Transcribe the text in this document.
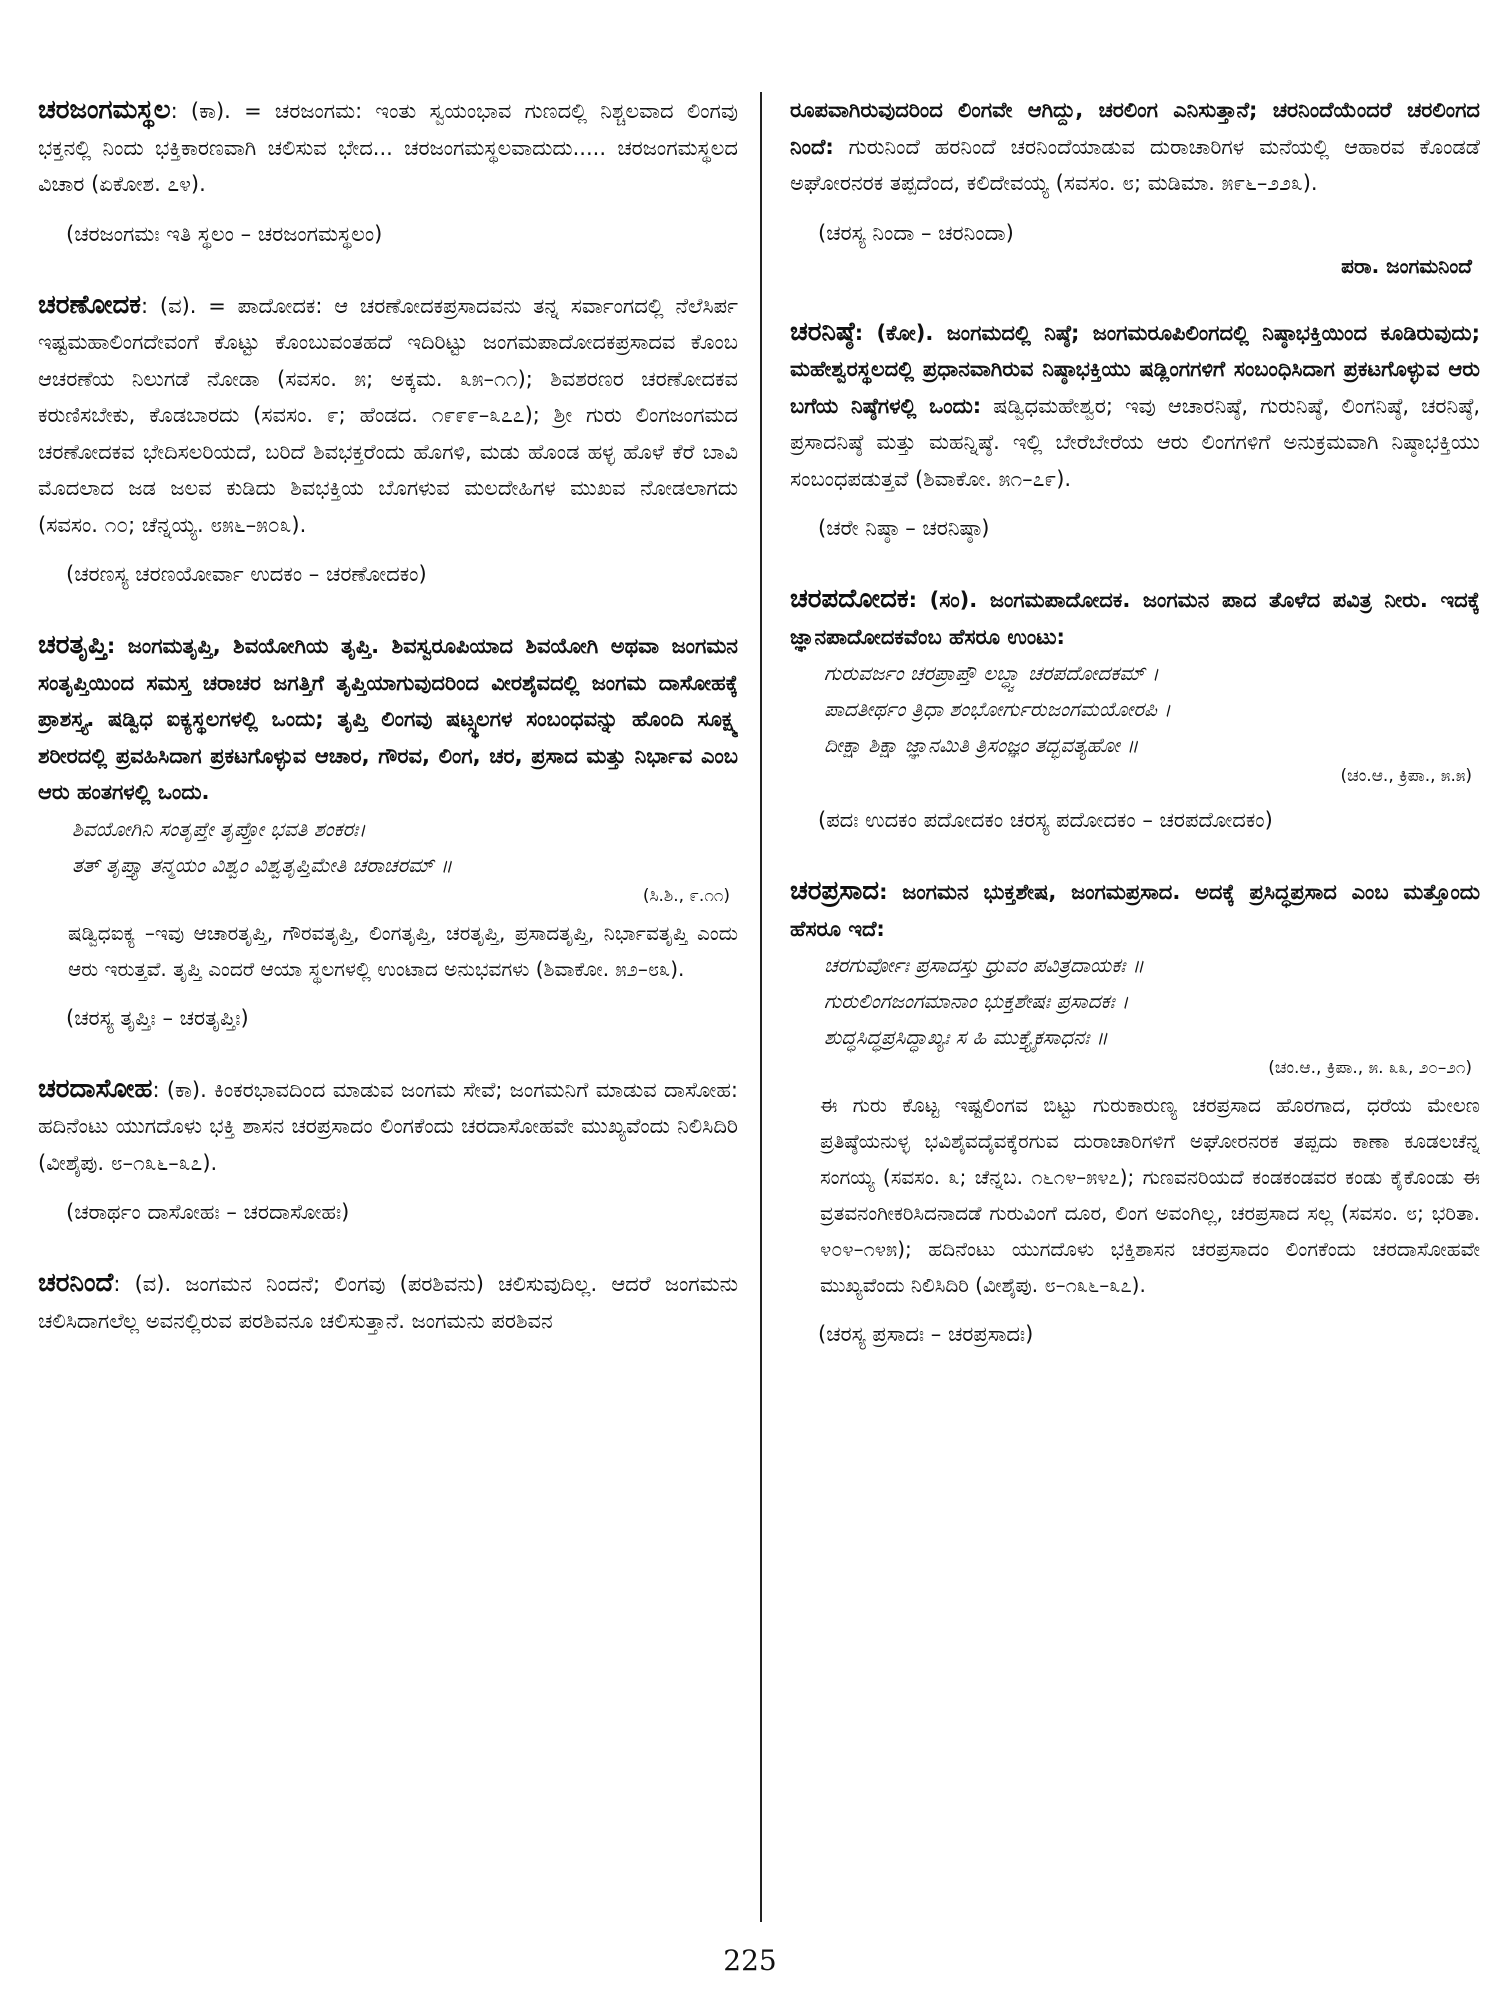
ಚರಜಂಗಮಸ್ಥಲ: (ಕಾ). = ಚರಜಂಗಮ: ಇಂತು ಸ್ವಯಂಭಾವ ಗುಣದಲ್ಲಿ ನಿಶ್ಚಲವಾದ ಲಿಂಗವು ಭಕ್ತನಲ್ಲಿ ನಿಂದು ಭಕ್ತಿಕಾರಣವಾಗಿ ಚಲಿಸುವ ಭೇದ... ಚರಜಂಗಮಸ್ಥಲವಾದುದು..... ಚರಜಂಗಮಸ್ಥಲದ ವಿಚಾರ (ಏಕೋಶ. ೭೪).

(ಚರಜಂಗಮಃ ಇತಿ ಸ್ಥಲಂ – ಚರಜಂಗಮಸ್ಥಲಂ)

ಚರಣೋದಕ: (ವ). = ಪಾದೋದಕ: ಆ ಚರಣೋದಕಪ್ರಸಾದವನು ತನ್ನ ಸರ್ವಾಂಗದಲ್ಲಿ ನೆಲೆಸಿರ್ಪ ಇಷ್ಟಮಹಾಲಿಂಗದೇವಂಗೆ ಕೊಟ್ಟು ಕೊಂಬುವಂತಹದೆ ಇದಿರಿಟ್ಟು ಜಂಗಮಪಾದೋದಕಪ್ರಸಾದವ ಕೊಂಬ ಆಚರಣೆಯ ನಿಲುಗಡೆ ನೋಡಾ (ಸವಸಂ. ೫; ಅಕ್ಕಮ. ೩೫–೧೧); ಶಿವಶರಣರ ಚರಣೋದಕವ ಕರುಣಿಸಬೇಕು, ಕೊಡಬಾರದು (ಸವಸಂ. ೯; ಹೆಂಡದ. ೧೯೯೯–೩೭೭); ಶ್ರೀ ಗುರು ಲಿಂಗಜಂಗಮದ ಚರಣೋದಕವ ಭೇದಿಸಲರಿಯದೆ, ಬರಿದೆ ಶಿವಭಕ್ತರೆಂದು ಹೊಗಳಿ, ಮಡು ಹೊಂಡ ಹಳ್ಳ ಹೊಳೆ ಕೆರೆ ಬಾವಿ ಮೊದಲಾದ ಜಡ ಜಲವ ಕುಡಿದು ಶಿವಭಕ್ತಿಯ ಬೊಗಳುವ ಮಲದೇಹಿಗಳ ಮುಖವ ನೋಡಲಾಗದು (ಸವಸಂ. ೧೦; ಚೆನ್ನಯ್ಯ. ೮೫೬–೫೦೩).

(ಚರಣಸ್ಯ ಚರಣಯೋರ್ವಾ ಉದಕಂ – ಚರಣೋದಕಂ)

ಚರತೃಪ್ತಿ: ಜಂಗಮತೃಪ್ತಿ, ಶಿವಯೋಗಿಯ ತೃಪ್ತಿ. ಶಿವಸ್ವರೂಪಿಯಾದ ಶಿವಯೋಗಿ ಅಥವಾ ಜಂಗಮನ ಸಂತೃಪ್ತಿಯಿಂದ ಸಮಸ್ತ ಚರಾಚರ ಜಗತ್ತಿಗೆ ತೃಪ್ತಿಯಾಗುವುದರಿಂದ ವೀರಶೈವದಲ್ಲಿ ಜಂಗಮ ದಾಸೋಹಕ್ಕೆ ಪ್ರಾಶಸ್ತ್ಯ. ಷಡ್ವಿಧ ಐಕ್ಯಸ್ಥಲಗಳಲ್ಲಿ ಒಂದು; ತೃಪ್ತಿ ಲಿಂಗವು ಷಟ್ಸ್ಥಲಗಳ ಸಂಬಂಧವನ್ನು ಹೊಂದಿ ಸೂಕ್ಷ್ಮ ಶರೀರದಲ್ಲಿ ಪ್ರವಹಿಸಿದಾಗ ಪ್ರಕಟಗೊಳ್ಳುವ ಆಚಾರ, ಗೌರವ, ಲಿಂಗ, ಚರ, ಪ್ರಸಾದ ಮತ್ತು ನಿರ್ಭಾವ ಎಂಬ ಆರು ಹಂತಗಳಲ್ಲಿ ಒಂದು.

ಶಿವಯೋಗಿನಿ ಸಂತೃಪ್ತೇ ತೃಪ್ತೋ ಭವತಿ ಶಂಕರಃ।

ತತ್ ತೃಪ್ತ್ಯಾ ತನ್ಮಯಂ ವಿಶ್ವಂ ವಿಶ್ವತೃಪ್ತಿಮೇತಿ ಚರಾಚರಮ್ ॥

(ಸಿ.ಶಿ., ೯.೧೧)

ಷಡ್ವಿಧಐಕ್ಯ –ಇವು ಆಚಾರತೃಪ್ತಿ, ಗೌರವತೃಪ್ತಿ, ಲಿಂಗತೃಪ್ತಿ, ಚರತೃಪ್ತಿ, ಪ್ರಸಾದತೃಪ್ತಿ, ನಿರ್ಭಾವತೃಪ್ತಿ ಎಂದು ಆರು ಇರುತ್ತವೆ. ತೃಪ್ತಿ ಎಂದರೆ ಆಯಾ ಸ್ಥಲಗಳಲ್ಲಿ ಉಂಟಾದ ಅನುಭವಗಳು (ಶಿವಾಕೋ. ೫೨–೮೩).

(ಚರಸ್ಯ ತೃಪ್ತಿಃ – ಚರತೃಪ್ತಿಃ)

ಚರದಾಸೋಹ: (ಕಾ). ಕಿಂಕರಭಾವದಿಂದ ಮಾಡುವ ಜಂಗಮ ಸೇವೆ; ಜಂಗಮನಿಗೆ ಮಾಡುವ ದಾಸೋಹ: ಹದಿನೆಂಟು ಯುಗದೊಳು ಭಕ್ತಿ ಶಾಸನ ಚರಪ್ರಸಾದಂ ಲಿಂಗಕೆಂದು ಚರದಾಸೋಹವೇ ಮುಖ್ಯವೆಂದು ನಿಲಿಸಿದಿರಿ (ವೀಶೈಪು. ೮–೧೩೬–೩೭).

(ಚರಾರ್ಥಂ ದಾಸೋಹಃ – ಚರದಾಸೋಹಃ)

ಚರನಿಂದೆ: (ವ). ಜಂಗಮನ ನಿಂದನೆ; ಲಿಂಗವು (ಪರಶಿವನು) ಚಲಿಸುವುದಿಲ್ಲ. ಆದರೆ ಜಂಗಮನು ಚಲಿಸಿದಾಗಲೆಲ್ಲ ಅವನಲ್ಲಿರುವ ಪರಶಿವನೂ ಚಲಿಸುತ್ತಾನೆ. ಜಂಗಮನು ಪರಶಿವನ

ರೂಪವಾಗಿರುವುದರಿಂದ ಲಿಂಗವೇ ಆಗಿದ್ದು, ಚರಲಿಂಗ ಎನಿಸುತ್ತಾನೆ; ಚರನಿಂದೆಯೆಂದರೆ ಚರಲಿಂಗದ ನಿಂದೆ: ಗುರುನಿಂದೆ ಹರನಿಂದೆ ಚರನಿಂದೆಯಾಡುವ ದುರಾಚಾರಿಗಳ ಮನೆಯಲ್ಲಿ ಆಹಾರವ ಕೊಂಡಡೆ ಅಘೋರನರಕ ತಪ್ಪದೆಂದ, ಕಲಿದೇವಯ್ಯ (ಸವಸಂ. ೮; ಮಡಿಮಾ. ೫೯೬–೨೨೩).

(ಚರಸ್ಯ ನಿಂದಾ – ಚರನಿಂದಾ)

ಪರಾ. ಜಂಗಮನಿಂದೆ

ಚರನಿಷ್ಠೆ: (ಕೋ). ಜಂಗಮದಲ್ಲಿ ನಿಷ್ಠೆ; ಜಂಗಮರೂಪಿಲಿಂಗದಲ್ಲಿ ನಿಷ್ಠಾಭಕ್ತಿಯಿಂದ ಕೂಡಿರುವುದು; ಮಹೇಶ್ವರಸ್ಥಲದಲ್ಲಿ ಪ್ರಧಾನವಾಗಿರುವ ನಿಷ್ಠಾಭಕ್ತಿಯು ಷಡ್ಲಿಂಗಗಳಿಗೆ ಸಂಬಂಧಿಸಿದಾಗ ಪ್ರಕಟಗೊಳ್ಳುವ ಆರು ಬಗೆಯ ನಿಷ್ಠೆಗಳಲ್ಲಿ ಒಂದು: ಷಡ್ವಿಧಮಹೇಶ್ವರ; ಇವು ಆಚಾರನಿಷ್ಠೆ, ಗುರುನಿಷ್ಠೆ, ಲಿಂಗನಿಷ್ಠೆ, ಚರನಿಷ್ಠೆ, ಪ್ರಸಾದನಿಷ್ಠೆ ಮತ್ತು ಮಹನ್ನಿಷ್ಠೆ. ಇಲ್ಲಿ ಬೇರೆಬೇರೆಯ ಆರು ಲಿಂಗಗಳಿಗೆ ಅನುಕ್ರಮವಾಗಿ ನಿಷ್ಠಾಭಕ್ತಿಯು ಸಂಬಂಧಪಡುತ್ತವೆ (ಶಿವಾಕೋ. ೫೧–೭೯).

(ಚರೇ ನಿಷ್ಠಾ – ಚರನಿಷ್ಠಾ)

ಚರಪದೋದಕ: (ಸಂ). ಜಂಗಮಪಾದೋದಕ. ಜಂಗಮನ ಪಾದ ತೊಳೆದ ಪವಿತ್ರ ನೀರು. ಇದಕ್ಕೆ ಜ್ಞಾನಪಾದೋದಕವೆಂಬ ಹೆಸರೂ ಉಂಟು:

ಗುರುವರ್ಜಂ ಚರಪ್ರಾಪ್ತೌ ಲಬ್ಧ್ವಾ ಚರಪದೋದಕಮ್ ।

ಪಾದತೀರ್ಥಂ ತ್ರಿಧಾ ಶಂಭೋರ್ಗುರುಜಂಗಮಯೋರಪಿ ।

ದೀಕ್ಷಾ ಶಿಕ್ಷಾ ಜ್ಞಾನಮಿತಿ ತ್ರಿಸಂಜ್ಞಂ ತದ್ಭವತ್ಯಹೋ ॥

(ಚಂ.ಆ., ಕ್ರಿಪಾ., ೫.೫)

(ಪದಃ ಉದಕಂ ಪದೋದಕಂ ಚರಸ್ಯ ಪದೋದಕಂ – ಚರಪದೋದಕಂ)

ಚರಪ್ರಸಾದ: ಜಂಗಮನ ಭುಕ್ತಶೇಷ, ಜಂಗಮಪ್ರಸಾದ. ಅದಕ್ಕೆ ಪ್ರಸಿದ್ಧಪ್ರಸಾದ ಎಂಬ ಮತ್ತೊಂದು ಹೆಸರೂ ಇದೆ:

ಚರಗುರ್ವೋಃ ಪ್ರಸಾದಸ್ತು ಧ್ರುವಂ ಪವಿತ್ರದಾಯಕಃ ॥

ಗುರುಲಿಂಗಜಂಗಮಾನಾಂ ಭುಕ್ತಶೇಷಃ ಪ್ರಸಾದಕಃ ।

ಶುದ್ಧಸಿದ್ಧಪ್ರಸಿದ್ಧಾಖ್ಯಃ ಸ ಹಿ ಮುಕ್ತ್ಯೈಕಸಾಧನಃ ॥

(ಚಂ.ಆ., ಕ್ರಿಪಾ., ೫. ೩೩, ೨೦–೨೧)

ಈ ಗುರು ಕೊಟ್ಟ ಇಷ್ಟಲಿಂಗವ ಬಿಟ್ಟು ಗುರುಕಾರುಣ್ಯ ಚರಪ್ರಸಾದ ಹೊರಗಾದ, ಧರೆಯ ಮೇಲಣ ಪ್ರತಿಷ್ಠೆಯನುಳ್ಳ ಭವಿಶೈವದೈವಕ್ಕೆರಗುವ ದುರಾಚಾರಿಗಳಿಗೆ ಅಘೋರನರಕ ತಪ್ಪದು ಕಾಣಾ ಕೂಡಲಚೆನ್ನ ಸಂಗಯ್ಯ (ಸವಸಂ. ೩; ಚೆನ್ನಬ. ೧೬೧೪–೫೪೭); ಗುಣವನರಿಯದೆ ಕಂಡಕಂಡವರ ಕಂಡು ಕೈಕೊಂಡು ಈ ವ್ರತವನಂಗೀಕರಿಸಿದನಾದಡೆ ಗುರುವಿಂಗೆ ದೂರ, ಲಿಂಗ ಅವಂಗಿಲ್ಲ, ಚರಪ್ರಸಾದ ಸಲ್ಲ (ಸವಸಂ. ೮; ಭರಿತಾ. ೪೦೪–೧೪೫); ಹದಿನೆಂಟು ಯುಗದೊಳು ಭಕ್ತಿಶಾಸನ ಚರಪ್ರಸಾದಂ ಲಿಂಗಕೆಂದು ಚರದಾಸೋಹವೇ ಮುಖ್ಯವೆಂದು ನಿಲಿಸಿದಿರಿ (ವೀಶೈಪು. ೮–೧೩೬–೩೭).

(ಚರಸ್ಯ ಪ್ರಸಾದಃ – ಚರಪ್ರಸಾದಃ)

225
